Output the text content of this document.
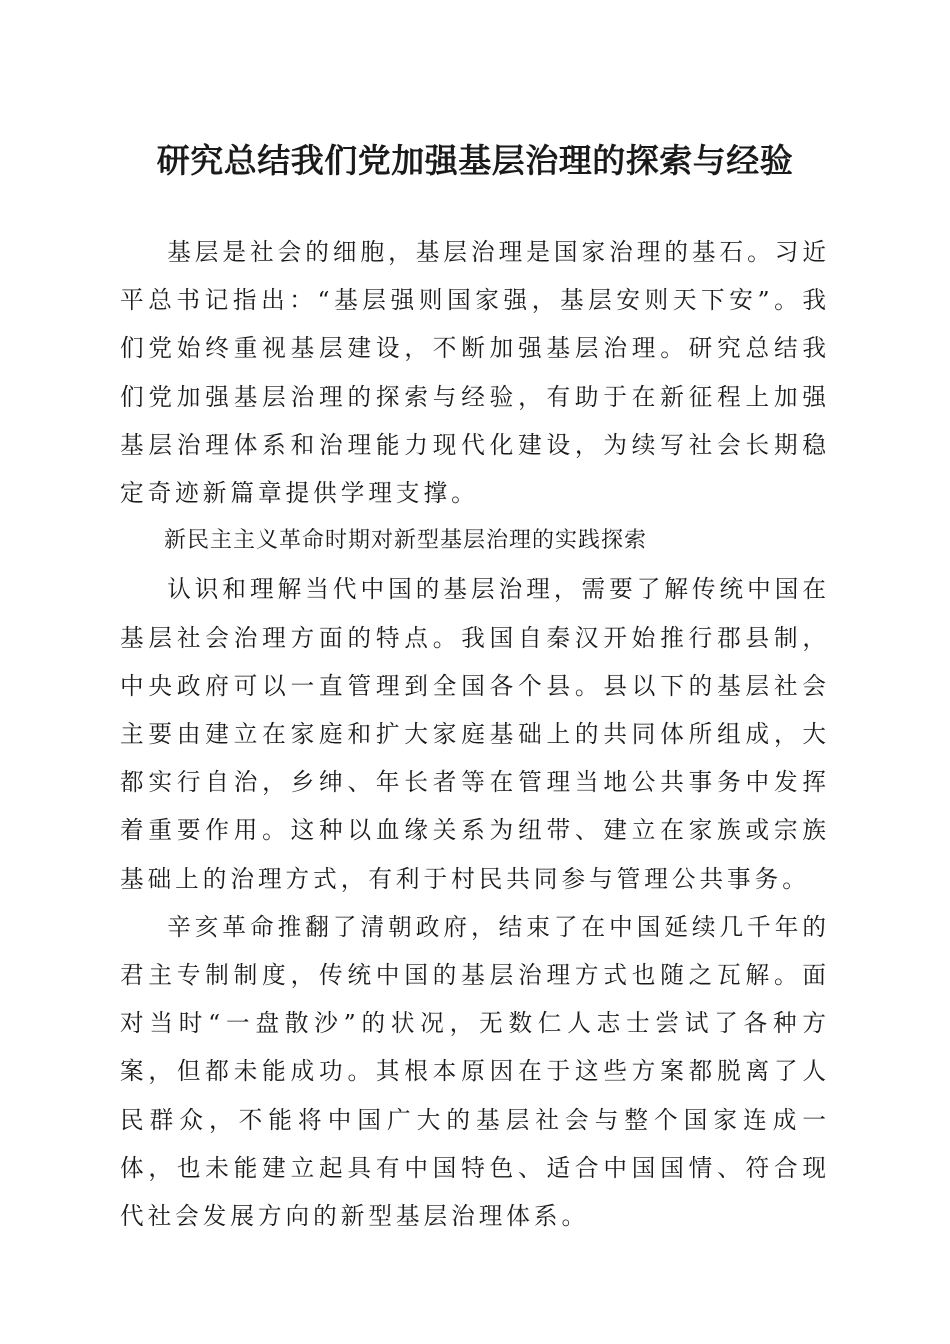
研究总结我们党加强基层治理的探索与经验

基层是社会的细胞，基层治理是国家治理的基石。习近平总书记指出：“基层强则国家强，基层安则天下安”。我们党始终重视基层建设，不断加强基层治理。研究总结我们党加强基层治理的探索与经验，有助于在新征程上加强基层治理体系和治理能力现代化建设，为续写社会长期稳定奇迹新篇章提供学理支撑。

新民主主义革命时期对新型基层治理的实践探索

认识和理解当代中国的基层治理，需要了解传统中国在基层社会治理方面的特点。我国自秦汉开始推行郡县制，中央政府可以一直管理到全国各个县。县以下的基层社会主要由建立在家庭和扩大家庭基础上的共同体所组成，大都实行自治，乡绅、年长者等在管理当地公共事务中发挥着重要作用。这种以血缘关系为纽带、建立在家族或宗族基础上的治理方式，有利于村民共同参与管理公共事务。

辛亥革命推翻了清朝政府，结束了在中国延续几千年的君主专制制度，传统中国的基层治理方式也随之瓦解。面对当时“一盘散沙”的状况，无数仁人志士尝试了各种方案，但都未能成功。其根本原因在于这些方案都脱离了人民群众，不能将中国广大的基层社会与整个国家连成一体，也未能建立起具有中国特色、适合中国国情、符合现代社会发展方向的新型基层治理体系。
